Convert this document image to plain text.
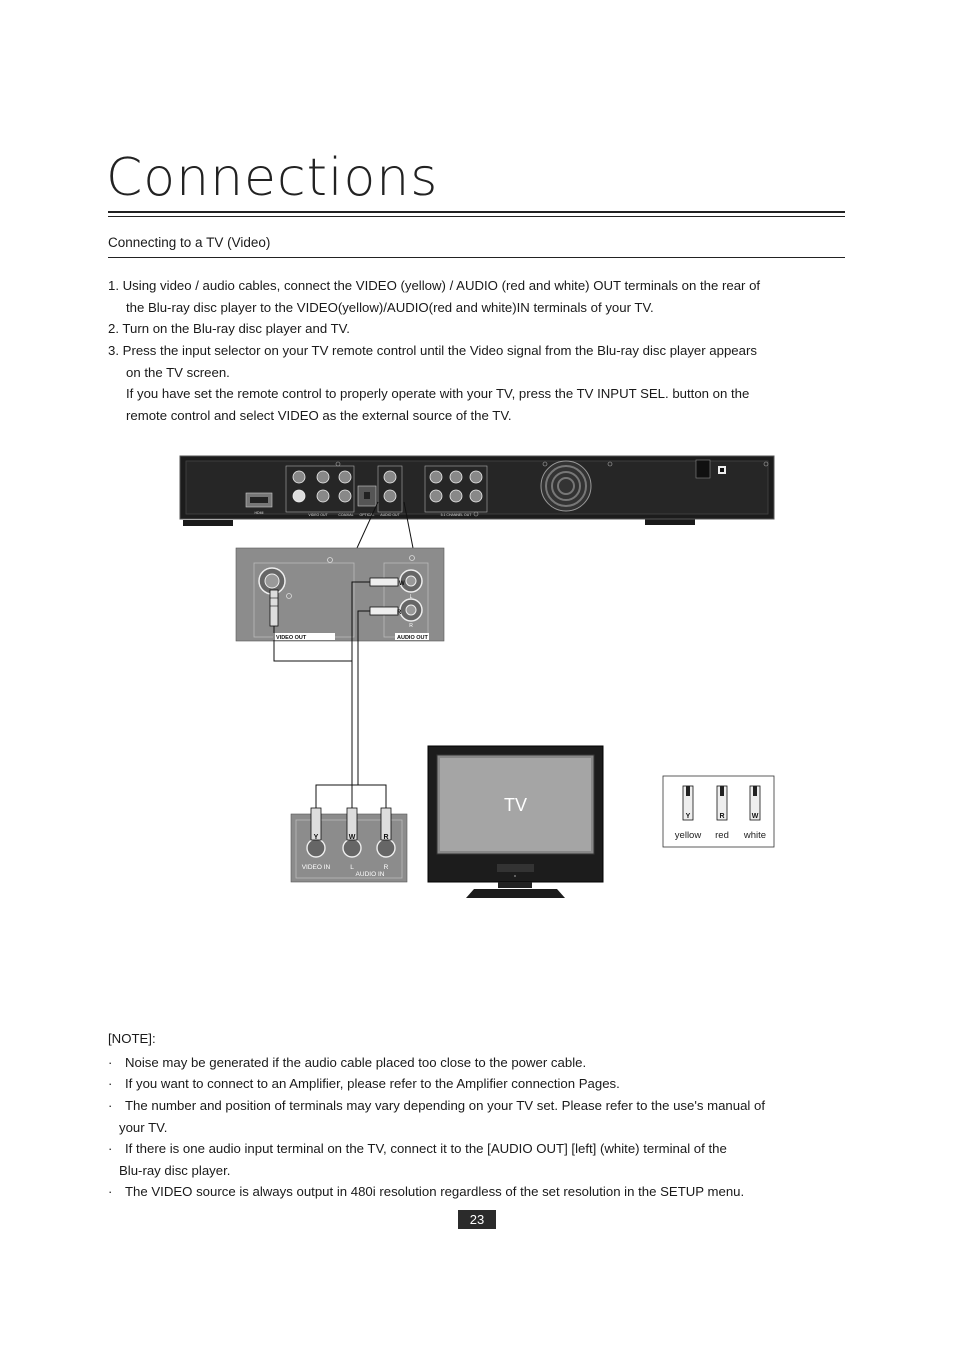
Connections
Connecting to a TV (Video)
1. Using video / audio cables, connect the VIDEO (yellow) / AUDIO (red and white) OUT terminals on the rear of
the Blu-ray disc player to the VIDEO(yellow)/AUDIO(red and white)IN terminals of your TV.
2. Turn on the Blu-ray disc player and TV.
3. Press the input selector on your TV remote control until the Video signal from the Blu-ray disc player appears
on the TV screen.
If you have set the remote control to properly operate with your TV, press the TV INPUT SEL. button on the
remote control and select VIDEO as the external source of the TV.
HDMI	VIDEO OUT	COAXIAL OPTICAL AUDIO OUT	5.1 CHANNEL OUT
L
R
VIDEO OUT	AUDIO OUT
W
R
Y	W	R
VIDEO IN	L	R
AUDIO IN
TV
Y	R	W
yellow red white
[NOTE]:
· Noise may be generated if the audio cable placed too close to the power cable.
· If you want to connect to an Amplifier, please refer to the Amplifier connection Pages.
· The number and position of terminals may vary depending on your TV set. Please refer to the use's manual of
your TV.
· If there is one audio input terminal on the TV, connect it to the [AUDIO OUT] [left] (white) terminal of the
Blu-ray disc player.
· The VIDEO source is always output in 480i resolution regardless of the set resolution in the SETUP menu.
23
